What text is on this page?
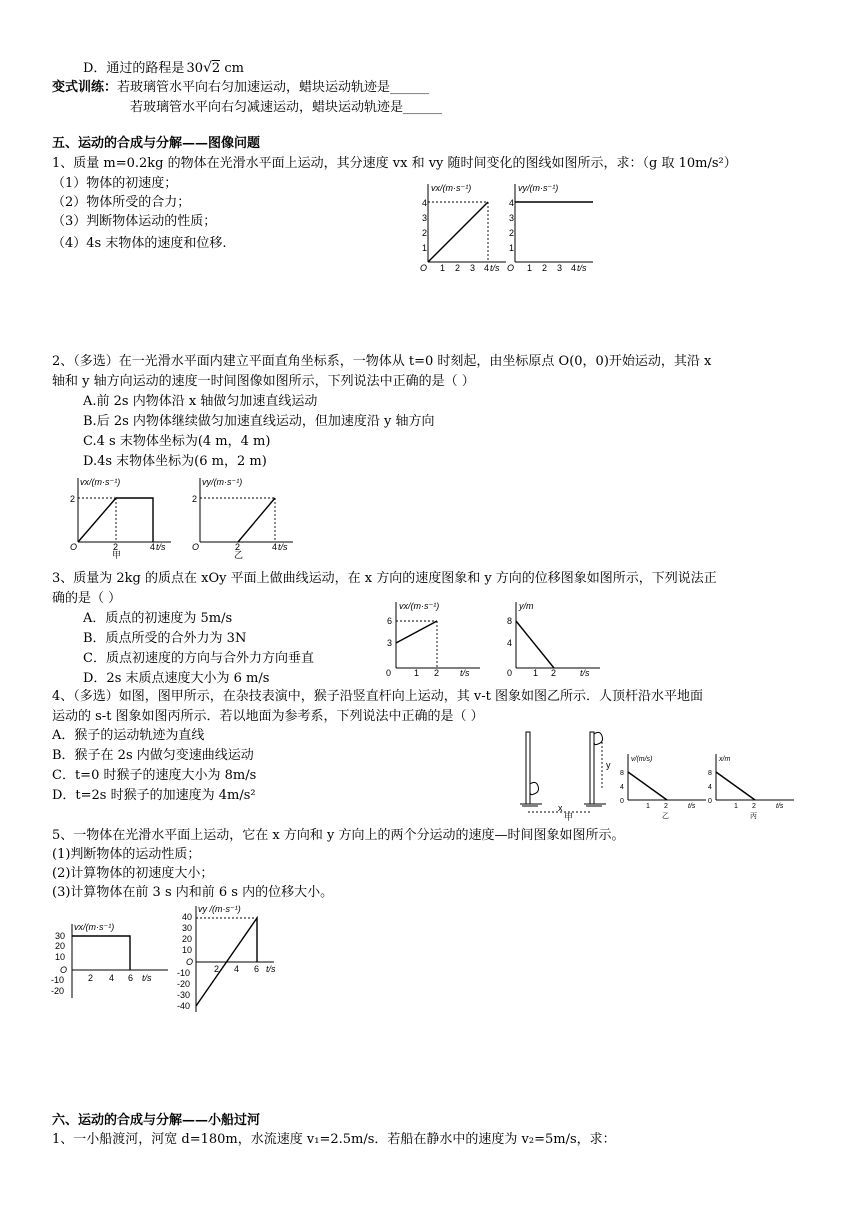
D．通过的路程是 30√2 cm
变式训练：若玻璃管水平向右匀加速运动，蜡块运动轨迹是______
若玻璃管水平向右匀减速运动，蜡块运动轨迹是______
五、运动的合成与分解——图像问题
1、质量 m=0.2kg 的物体在光滑水平面上运动，其分速度 vx 和 vy 随时间变化的图线如图所示，求：（g 取 10m/s²）
（1）物体的初速度；
（2）物体所受的合力；
（3）判断物体运动的性质；
（4）4s 末物体的速度和位移.
vx/(m·s⁻¹)
4
3
2
1
O 1 2 3 4 t/s
vy/(m·s⁻¹)
4
3
2
1
O 1 2 3 4 t/s
2、（多选）在一光滑水平面内建立平面直角坐标系，一物体从 t=0 时刻起，由坐标原点 O(0，0)开始运动，其沿 x
轴和 y 轴方向运动的速度一时间图像如图所示，下列说法中正确的是（ ）
A.前 2s 内物体沿 x 轴做匀加速直线运动
B.后 2s 内物体继续做匀加速直线运动，但加速度沿 y 轴方向
C.4 s 末物体坐标为(4 m，4 m)
D.4s 末物体坐标为(6 m，2 m)
vx/(m·s⁻¹)
2
O	2	4 t/s
甲
vy/(m·s⁻¹)
2
O	2	4 t/s
乙
3、质量为 2kg 的质点在 xOy 平面上做曲线运动，在 x 方向的速度图象和 y 方向的位移图象如图所示，下列说法正
确的是（ ）
A．质点的初速度为 5m/s
B．质点所受的合外力为 3N
C．质点初速度的方向与合外力方向垂直
D．2s 末质点速度大小为 6 m/s
vx/(m·s⁻¹)
6
3
0	1 2 t/s
y/m
8
4
0 1 2	t/s
4、（多选）如图，图甲所示，在杂技表演中，猴子沿竖直杆向上运动，其 v-t 图象如图乙所示．人顶杆沿水平地面
运动的 s-t 图象如图丙所示．若以地面为参考系，下列说法中正确的是（ ）
A．猴子的运动轨迹为直线
B．猴子在 2s 内做匀变速曲线运动
C．t=0 时猴子的速度大小为 8m/s
D．t=2s 时猴子的加速度为 4m/s²
y
x
甲
v/(m/s)
8
4
0
1 2	t/s
乙
x/m
8
4
0
1 2	t/s
丙
5、一物体在光滑水平面上运动，它在 x 方向和 y 方向上的两个分运动的速度—时间图象如图所示。
(1)判断物体的运动性质；
(2)计算物体的初速度大小；
(3)计算物体在前 3 s 内和前 6 s 内的位移大小。
vx/(m·s⁻¹)
30
20
10
O
-10
-20
2 4 6 t/s
vy /(m·s⁻¹)
40
30
20
10
O
-10
-20
-30
-40
2 4 6 t/s
六、运动的合成与分解——小船过河
1、一小船渡河，河宽 d=180m，水流速度 v₁=2.5m/s．若船在静水中的速度为 v₂=5m/s，求：
